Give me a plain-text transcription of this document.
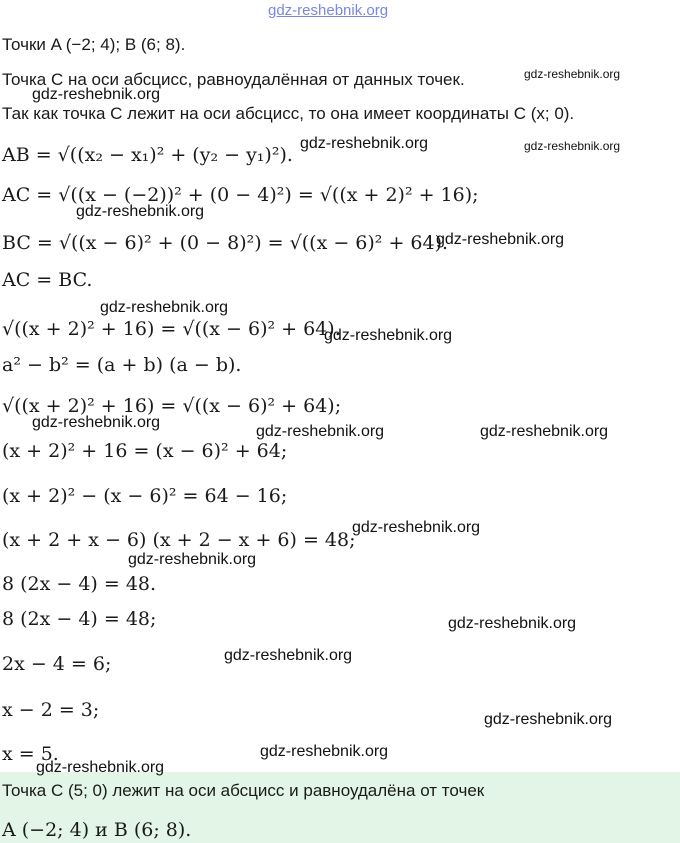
gdz-reshebnik.org
Точки A (−2; 4); B (6; 8).
Точка C на оси абсцисс, равноудалённая от данных точек.
Так как точка C лежит на оси абсцисс, то она имеет координаты C (x; 0).
AB = √((x₂ − x₁)² + (y₂ − y₁)²).
AC = √((x − (−2))² + (0 − 4)²) = √((x + 2)² + 16);
BC = √((x − 6)² + (0 − 8)²) = √((x − 6)² + 64).
AC = BC.
√((x + 2)² + 16) = √((x − 6)² + 64).
a² − b² = (a + b) (a − b).
√((x + 2)² + 16) = √((x − 6)² + 64);
(x + 2)² + 16 = (x − 6)² + 64;
(x + 2)² − (x − 6)² = 64 − 16;
(x + 2 + x − 6) (x + 2 − x + 6) = 48;
8 (2x − 4) = 48.
8 (2x − 4) = 48;
2x − 4 = 6;
x − 2 = 3;
x = 5.
Точка C (5; 0) лежит на оси абсцисс и равноудалёна от точек
A (−2; 4) и B (6; 8).
gdz-reshebnik.org
gdz-reshebnik.org
gdz-reshebnik.org	gdz-reshebnik.org
gdz-reshebnik.org
gdz-reshebnik.org
gdz-reshebnik.org
gdz-reshebnik.org
gdz-reshebnik.org
gdz-reshebnik.org	gdz-reshebnik.org
gdz-reshebnik.org
gdz-reshebnik.org
gdz-reshebnik.org
gdz-reshebnik.org
gdz-reshebnik.org
gdz-reshebnik.org
gdz-reshebnik.org
